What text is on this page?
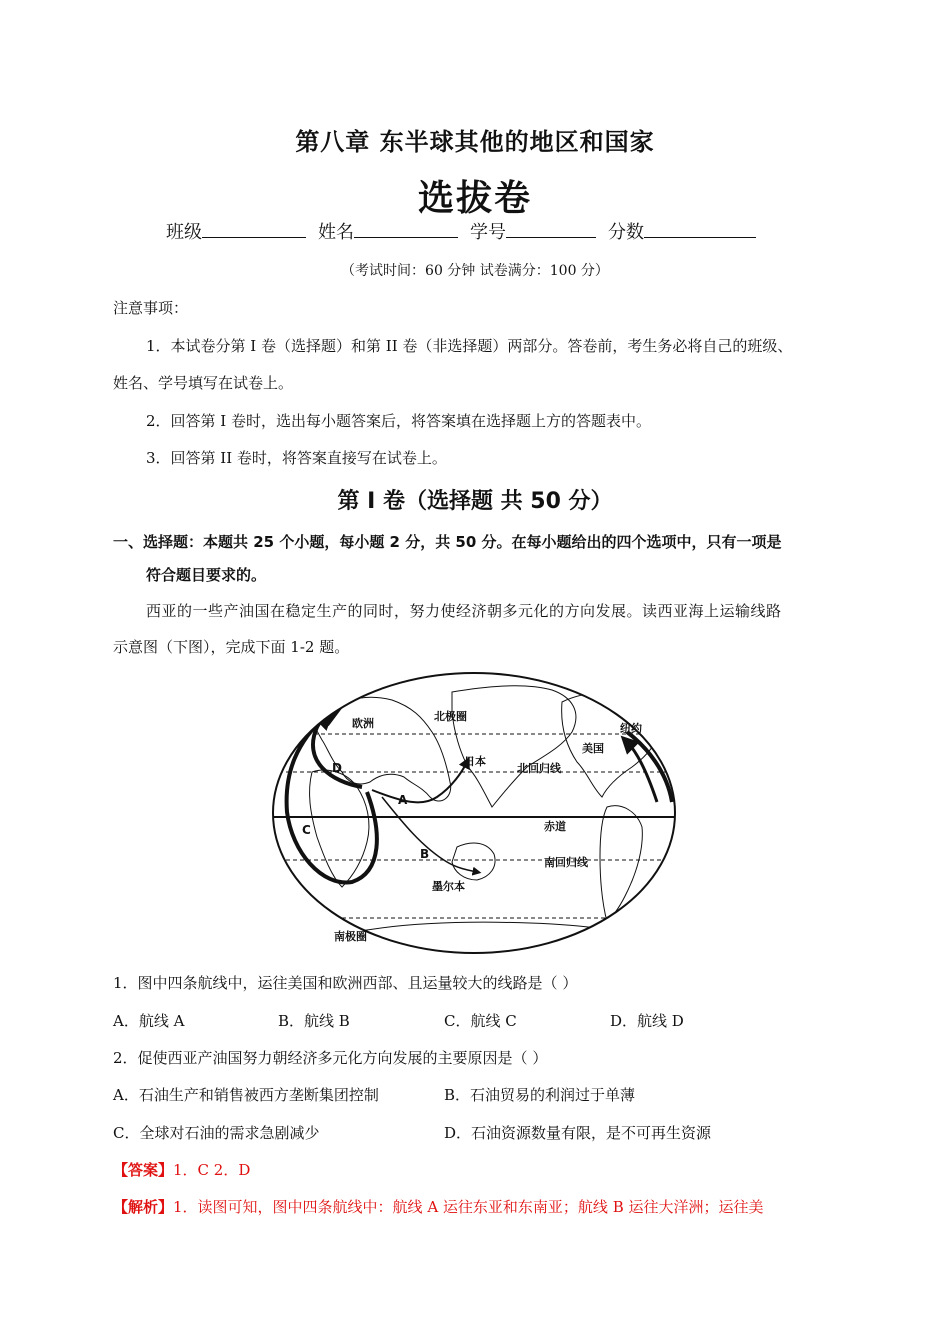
第八章 东半球其他的地区和国家
选拔卷
班级	姓名	学号	分数
（考试时间：60 分钟 试卷满分：100 分）
注意事项：
1．本试卷分第 I 卷（选择题）和第 II 卷（非选择题）两部分。答卷前，考生务必将自己的班级、
姓名、学号填写在试卷上。
2．回答第 I 卷时，选出每小题答案后，将答案填在选择题上方的答题表中。
3．回答第 II 卷时，将答案直接写在试卷上。
第 I 卷（选择题 共 50 分）
一、选择题：本题共 25 个小题，每小题 2 分，共 50 分。在每小题给出的四个选项中，只有一项是
符合题目要求的。
西亚的一些产油国在稳定生产的同时，努力使经济朝多元化的方向发展。读西亚海上运输线路
示意图（下图），完成下面 1-2 题。
欧洲
北极圈
纽约
美国
日本
北回归线
赤道
南回归线
墨尔本
南极圈
A
B
C
D
1．图中四条航线中，运往美国和欧洲西部、且运量较大的线路是（ ）
A．航线 A	B．航线 B	C．航线 C	D．航线 D
2．促使西亚产油国努力朝经济多元化方向发展的主要原因是（ ）
A．石油生产和销售被西方垄断集团控制	B．石油贸易的利润过于单薄
C．全球对石油的需求急剧减少	D．石油资源数量有限，是不可再生资源
【答案】1．C 2．D
【解析】1．读图可知，图中四条航线中：航线 A 运往东亚和东南亚；航线 B 运往大洋洲；运往美
